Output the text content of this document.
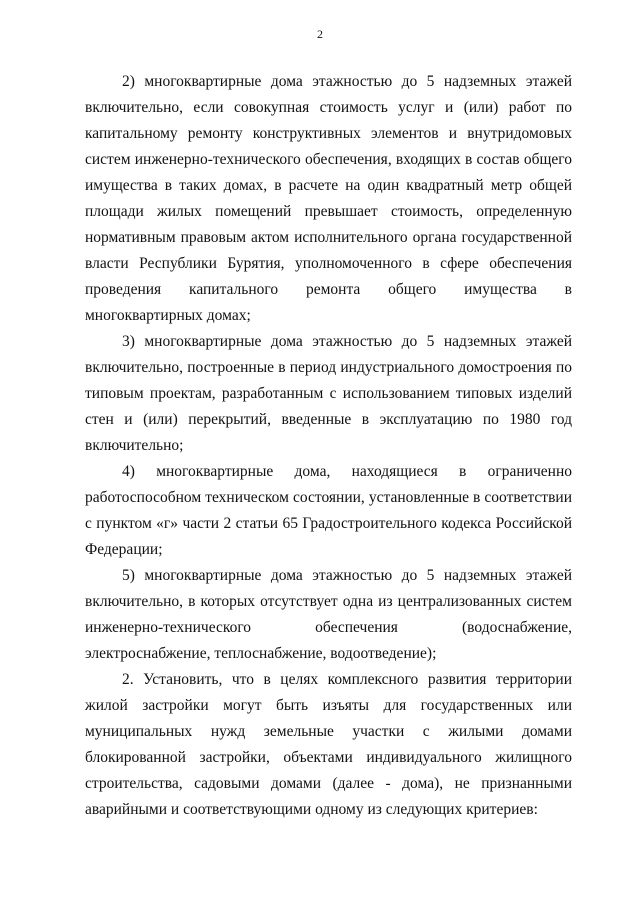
2

2) многоквартирные дома этажностью до 5 надземных этажей включительно, если совокупная стоимость услуг и (или) работ по капитальному ремонту конструктивных элементов и внутридомовых систем инженерно-технического обеспечения, входящих в состав общего имущества в таких домах, в расчете на один квадратный метр общей площади жилых помещений превышает стоимость, определенную нормативным правовым актом исполнительного органа государственной власти Республики Бурятия, уполномоченного в сфере обеспечения проведения капитального ремонта общего имущества в многоквартирных домах;

3) многоквартирные дома этажностью до 5 надземных этажей включительно, построенные в период индустриального домостроения по типовым проектам, разработанным с использованием типовых изделий стен и (или) перекрытий, введенные в эксплуатацию по 1980 год включительно;

4) многоквартирные дома, находящиеся в ограниченно работоспособном техническом состоянии, установленные в соответствии с пунктом «г» части 2 статьи 65 Градостроительного кодекса Российской Федерации;

5) многоквартирные дома этажностью до 5 надземных этажей включительно, в которых отсутствует одна из централизованных систем инженерно-технического обеспечения (водоснабжение, электроснабжение, теплоснабжение, водоотведение);

2. Установить, что в целях комплексного развития территории жилой застройки могут быть изъяты для государственных или муниципальных нужд земельные участки с жилыми домами блокированной застройки, объектами индивидуального жилищного строительства, садовыми домами (далее - дома), не признанными аварийными и соответствующими одному из следующих критериев:
